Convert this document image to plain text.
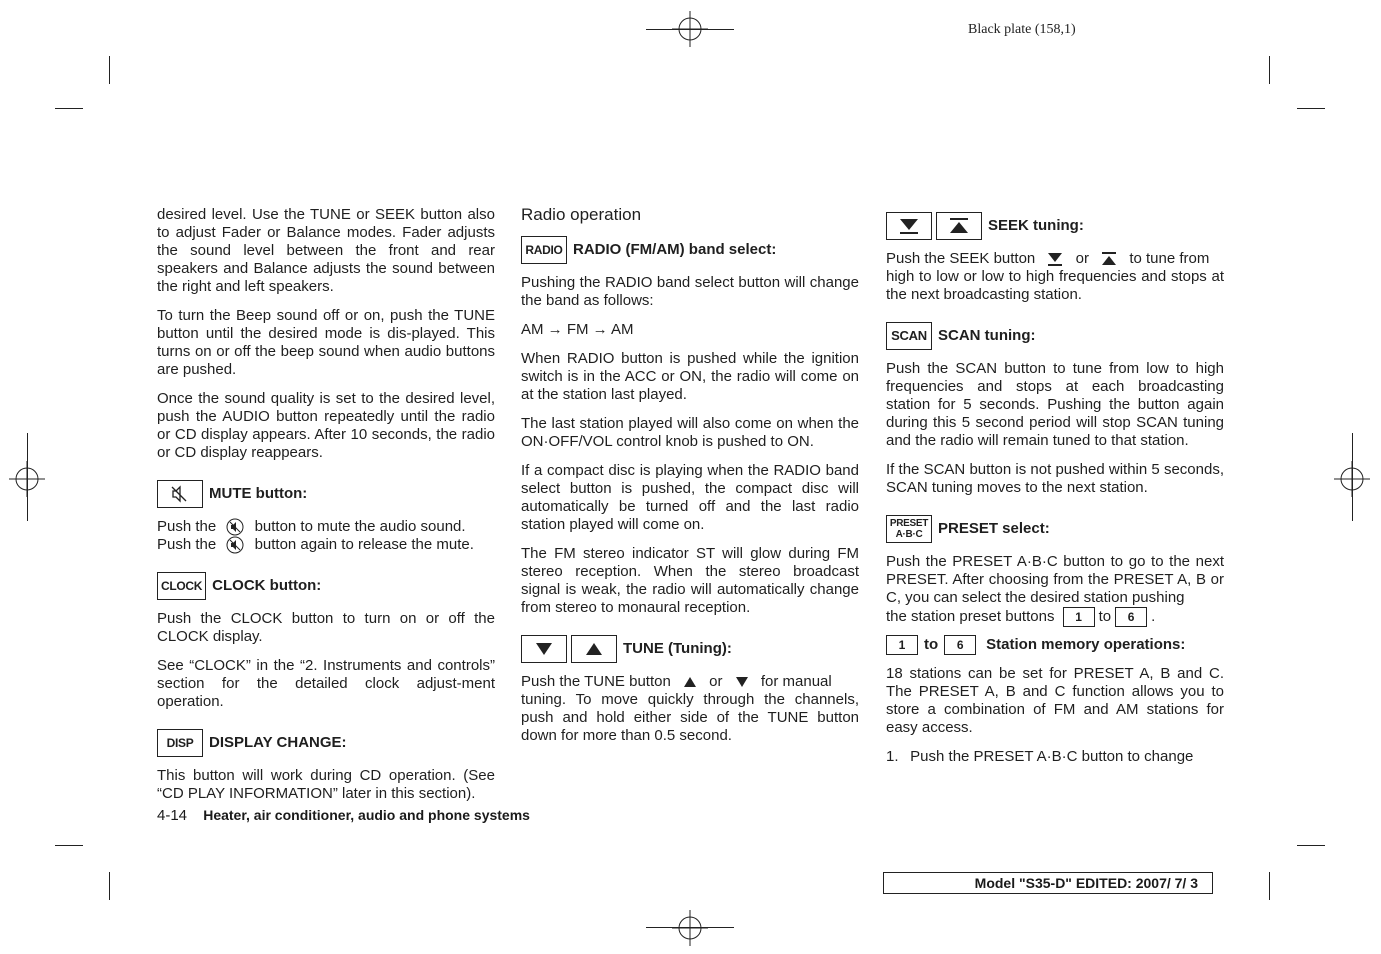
Black plate (158,1)

desired level. Use the TUNE or SEEK button also to adjust Fader or Balance modes. Fader adjusts the sound level between the front and rear speakers and Balance adjusts the sound between the right and left speakers.

To turn the Beep sound off or on, push the TUNE button until the desired mode is dis-played. This turns on or off the beep sound when audio buttons are pushed.

Once the sound quality is set to the desired level, push the AUDIO button repeatedly until the radio or CD display appears. After 10 seconds, the radio or CD display reappears.

MUTE button:
Push the	button to mute the audio sound.
Push the	button again to release the mute.
CLOCK CLOCK button:

Push the CLOCK button to turn on or off the CLOCK display.

See “CLOCK” in the “2. Instruments and controls” section for the detailed clock adjust-ment operation.

DISP	DISPLAY CHANGE:

This button will work during CD operation. (See “CD PLAY INFORMATION” later in this section).

Radio operation
RADIO RADIO (FM/AM) band select:

Pushing the RADIO band select button will change the band as follows:

AM → FM → AM

When RADIO button is pushed while the ignition switch is in the ACC or ON, the radio will come on at the station last played.

The last station played will also come on when the ON·OFF/VOL control knob is pushed to ON.

If a compact disc is playing when the RADIO band select button is pushed, the compact disc will automatically be turned off and the last radio station played will come on.

The FM stereo indicator ST will glow during FM stereo reception. When the stereo broadcast signal is weak, the radio will automatically change from stereo to monaural reception.

TUNE (Tuning):
Push the TUNE button	or	for manual

tuning. To move quickly through the channels, push and hold either side of the TUNE button down for more than 0.5 second.

SEEK tuning:
Push the SEEK button	or	to tune from

high to low or low to high frequencies and stops at the next broadcasting station.

SCAN SCAN tuning:

Push the SCAN button to tune from low to high frequencies and stops at each broadcasting station for 5 seconds. Pushing the button again during this 5 second period will stop SCAN tuning and the radio will remain tuned to that station.

If the SCAN button is not pushed within 5 seconds, SCAN tuning moves to the next station.

PRESET
A·B·C PRESET select:

Push the PRESET A·B·C button to go to the next PRESET. After choosing from the PRESET A, B or C, you can select the desired station pushing

the station preset buttons 1 to 6 .
1	to	6	Station memory operations:

18 stations can be set for PRESET A, B and C. The PRESET A, B and C function allows you to store a combination of FM and AM stations for easy access.

1.  Push the PRESET A·B·C button to change
4-14 Heater, air conditioner, audio and phone systems
Model "S35-D" EDITED: 2007/ 7/ 3
